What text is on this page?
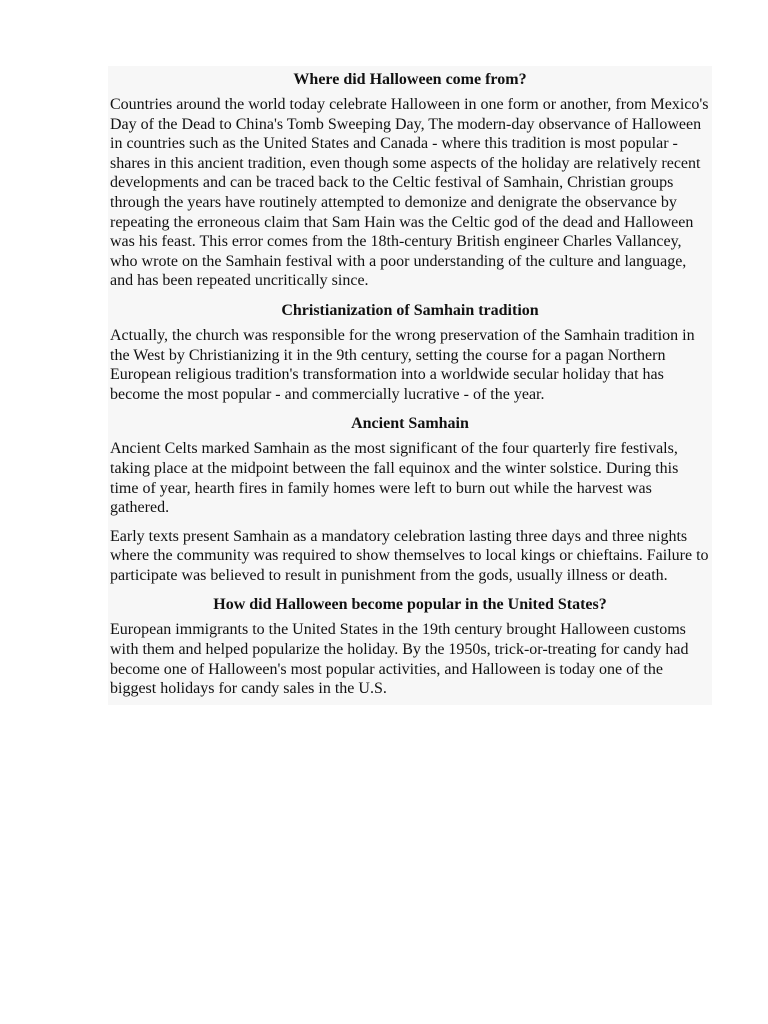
Where did Halloween come from?
Countries around the world today celebrate Halloween in one form or another, from Mexico's Day of the Dead to China's Tomb Sweeping Day, The modern-day observance of Halloween in countries such as the United States and Canada - where this tradition is most popular - shares in this ancient tradition, even though some aspects of the holiday are relatively recent developments and can be traced back to the Celtic festival of Samhain, Christian groups through the years have routinely attempted to demonize and denigrate the observance by repeating the erroneous claim that Sam Hain was the Celtic god of the dead and Halloween was his feast. This error comes from the 18th-century British engineer Charles Vallancey, who wrote on the Samhain festival with a poor understanding of the culture and language, and has been repeated uncritically since.
Christianization of Samhain tradition
Actually, the church was responsible for the wrong preservation of the Samhain tradition in the West by Christianizing it in the 9th century, setting the course for a pagan Northern European religious tradition's transformation into a worldwide secular holiday that has become the most popular - and commercially lucrative - of the year.
Ancient Samhain
Ancient Celts marked Samhain as the most significant of the four quarterly fire festivals, taking place at the midpoint between the fall equinox and the winter solstice. During this time of year, hearth fires in family homes were left to burn out while the harvest was gathered.
Early texts present Samhain as a mandatory celebration lasting three days and three nights where the community was required to show themselves to local kings or chieftains. Failure to participate was believed to result in punishment from the gods, usually illness or death.
How did Halloween become popular in the United States?
European immigrants to the United States in the 19th century brought Halloween customs with them and helped popularize the holiday. By the 1950s, trick-or-treating for candy had become one of Halloween's most popular activities, and Halloween is today one of the biggest holidays for candy sales in the U.S.
